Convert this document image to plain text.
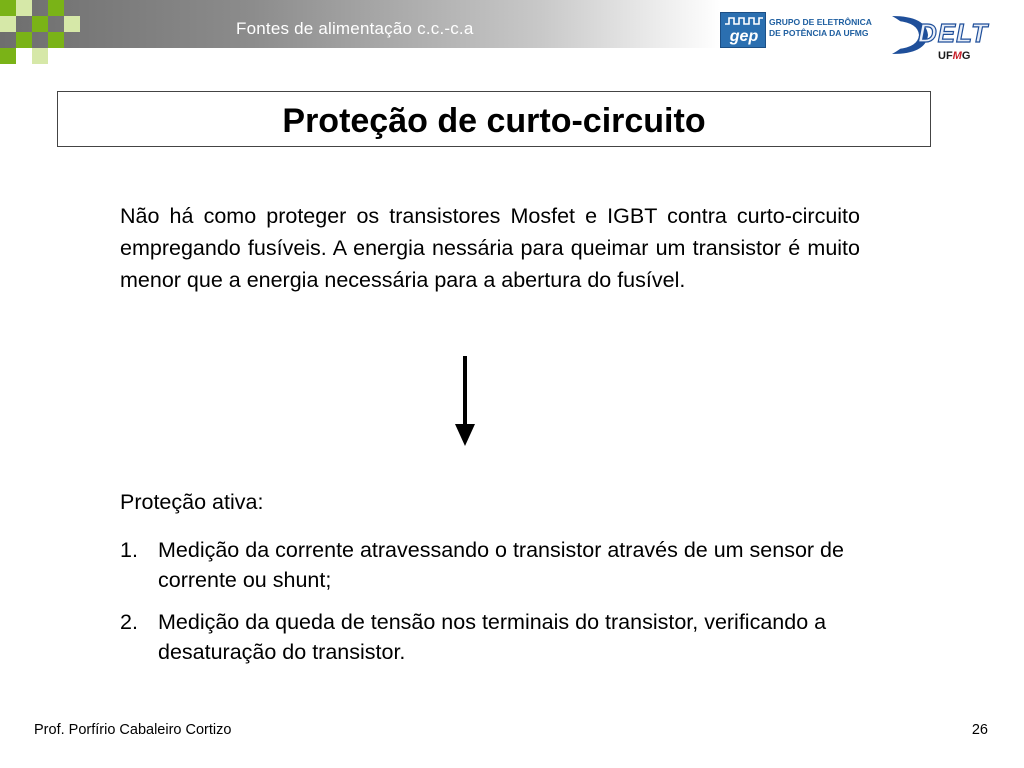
Fontes de alimentação c.c.-c.a	gep
GRUPO DE ELETRÔNICA
DE POTÊNCIA DA UFMG DELT
UFMG
Proteção de curto-circuito
Não há como proteger os transistores Mosfet e IGBT contra curto-circuito empregando fusíveis. A energia nessária para queimar um transistor é muito menor que a energia necessária para a abertura do fusível.
Proteção ativa:
1. Medição da corrente atravessando o transistor através de um sensor de corrente ou shunt;
2. Medição da queda de tensão nos terminais do transistor, verificando a desaturação do transistor.
Prof. Porfírio Cabaleiro Cortizo	26
